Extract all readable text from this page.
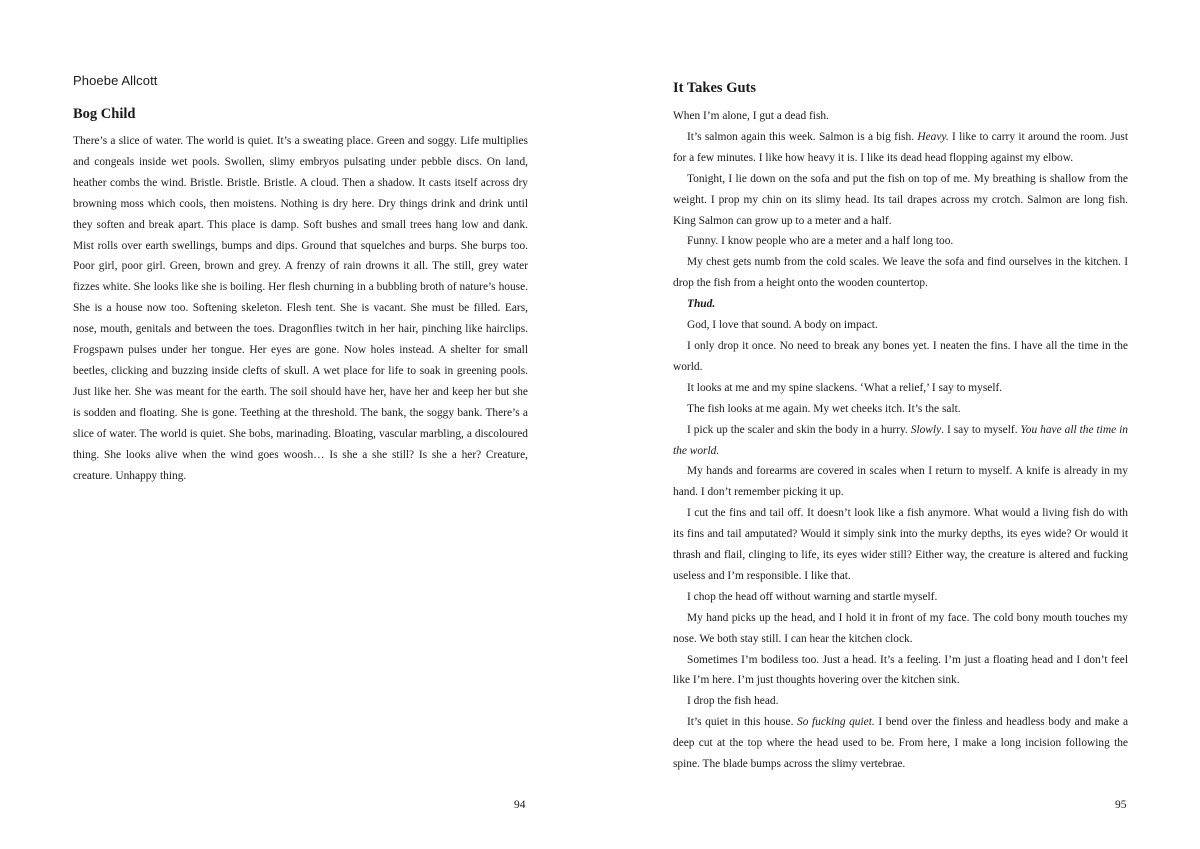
Phoebe Allcott

Bog Child

There’s a slice of water. The world is quiet. It’s a sweating place. Green and soggy. Life multiplies and congeals inside wet pools. Swollen, slimy embryos pulsating under pebble discs. On land, heather combs the wind. Bristle. Bristle. Bristle. A cloud. Then a shadow. It casts itself across dry browning moss which cools, then moistens. Nothing is dry here. Dry things drink and drink until they soften and break apart. This place is damp. Soft bushes and small trees hang low and dank. Mist rolls over earth swellings, bumps and dips. Ground that squelches and burps. She burps too. Poor girl, poor girl. Green, brown and grey. A frenzy of rain drowns it all. The still, grey water fizzes white. She looks like she is boiling. Her flesh churning in a bubbling broth of nature’s house. She is a house now too. Softening skeleton. Flesh tent. She is vacant. She must be filled. Ears, nose, mouth, genitals and between the toes. Dragonflies twitch in her hair, pinching like hairclips. Frogspawn pulses under her tongue. Her eyes are gone. Now holes instead. A shelter for small beetles, clicking and buzzing inside clefts of skull. A wet place for life to soak in greening pools. Just like her. She was meant for the earth. The soil should have her, have her and keep her but she is sodden and floating. She is gone. Teething at the threshold. The bank, the soggy bank. There’s a slice of water. The world is quiet. She bobs, marinading. Bloating, vascular marbling, a discoloured thing. She looks alive when the wind goes woosh… Is she a she still? Is she a her? Creature, creature. Unhappy thing.

94

It Takes Guts

When I’m alone, I gut a dead fish.

It’s salmon again this week. Salmon is a big fish. Heavy. I like to carry it around the room. Just for a few minutes. I like how heavy it is. I like its dead head flopping against my elbow.

Tonight, I lie down on the sofa and put the fish on top of me. My breathing is shallow from the weight. I prop my chin on its slimy head. Its tail drapes across my crotch. Salmon are long fish. King Salmon can grow up to a meter and a half.

Funny. I know people who are a meter and a half long too.

My chest gets numb from the cold scales. We leave the sofa and find ourselves in the kitchen. I drop the fish from a height onto the wooden countertop.

Thud.

God, I love that sound. A body on impact.

I only drop it once. No need to break any bones yet. I neaten the fins. I have all the time in the world.

It looks at me and my spine slackens. ‘What a relief,’ I say to myself.

The fish looks at me again. My wet cheeks itch. It’s the salt.

I pick up the scaler and skin the body in a hurry. Slowly. I say to myself. You have all the time in the world.

My hands and forearms are covered in scales when I return to myself. A knife is already in my hand. I don’t remember picking it up.

I cut the fins and tail off. It doesn’t look like a fish anymore. What would a living fish do with its fins and tail amputated? Would it simply sink into the murky depths, its eyes wide? Or would it thrash and flail, clinging to life, its eyes wider still? Either way, the creature is altered and fucking useless and I’m responsible. I like that.

I chop the head off without warning and startle myself.

My hand picks up the head, and I hold it in front of my face. The cold bony mouth touches my nose. We both stay still. I can hear the kitchen clock.

Sometimes I’m bodiless too. Just a head. It’s a feeling. I’m just a floating head and I don’t feel like I’m here. I’m just thoughts hovering over the kitchen sink.

I drop the fish head.

It’s quiet in this house. So fucking quiet. I bend over the finless and headless body and make a deep cut at the top where the head used to be. From here, I make a long incision following the spine. The blade bumps across the slimy vertebrae.

95
